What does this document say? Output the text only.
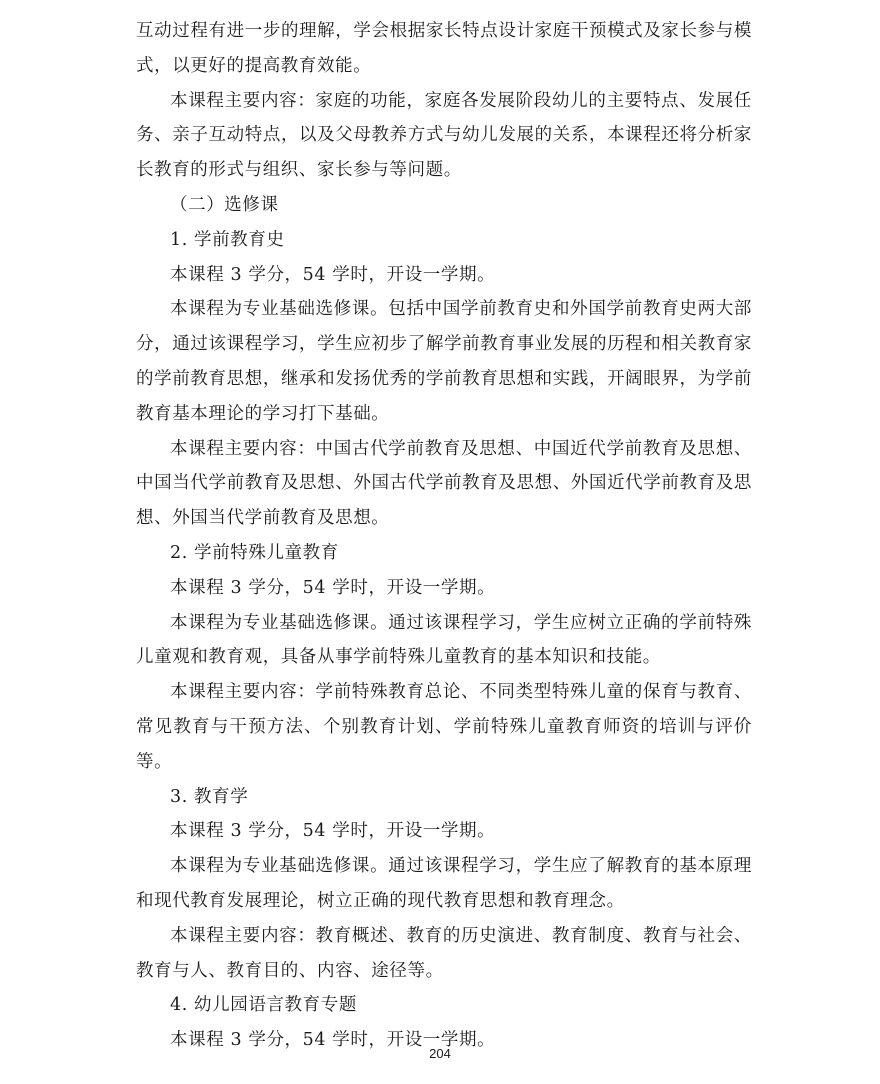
互动过程有进一步的理解，学会根据家长特点设计家庭干预模式及家长参与模式，以更好的提高教育效能。

本课程主要内容：家庭的功能，家庭各发展阶段幼儿的主要特点、发展任务、亲子互动特点，以及父母教养方式与幼儿发展的关系，本课程还将分析家长教育的形式与组织、家长参与等问题。

（二）选修课

1. 学前教育史

本课程 3 学分，54 学时，开设一学期。

本课程为专业基础选修课。包括中国学前教育史和外国学前教育史两大部分，通过该课程学习，学生应初步了解学前教育事业发展的历程和相关教育家的学前教育思想，继承和发扬优秀的学前教育思想和实践，开阔眼界，为学前教育基本理论的学习打下基础。

本课程主要内容：中国古代学前教育及思想、中国近代学前教育及思想、中国当代学前教育及思想、外国古代学前教育及思想、外国近代学前教育及思想、外国当代学前教育及思想。

2. 学前特殊儿童教育

本课程 3 学分，54 学时，开设一学期。

本课程为专业基础选修课。通过该课程学习，学生应树立正确的学前特殊儿童观和教育观，具备从事学前特殊儿童教育的基本知识和技能。

本课程主要内容：学前特殊教育总论、不同类型特殊儿童的保育与教育、常见教育与干预方法、个别教育计划、学前特殊儿童教育师资的培训与评价等。

3. 教育学

本课程 3 学分，54 学时，开设一学期。

本课程为专业基础选修课。通过该课程学习，学生应了解教育的基本原理和现代教育发展理论，树立正确的现代教育思想和教育理念。

本课程主要内容：教育概述、教育的历史演进、教育制度、教育与社会、教育与人、教育目的、内容、途径等。

4. 幼儿园语言教育专题

本课程 3 学分，54 学时，开设一学期。

204
